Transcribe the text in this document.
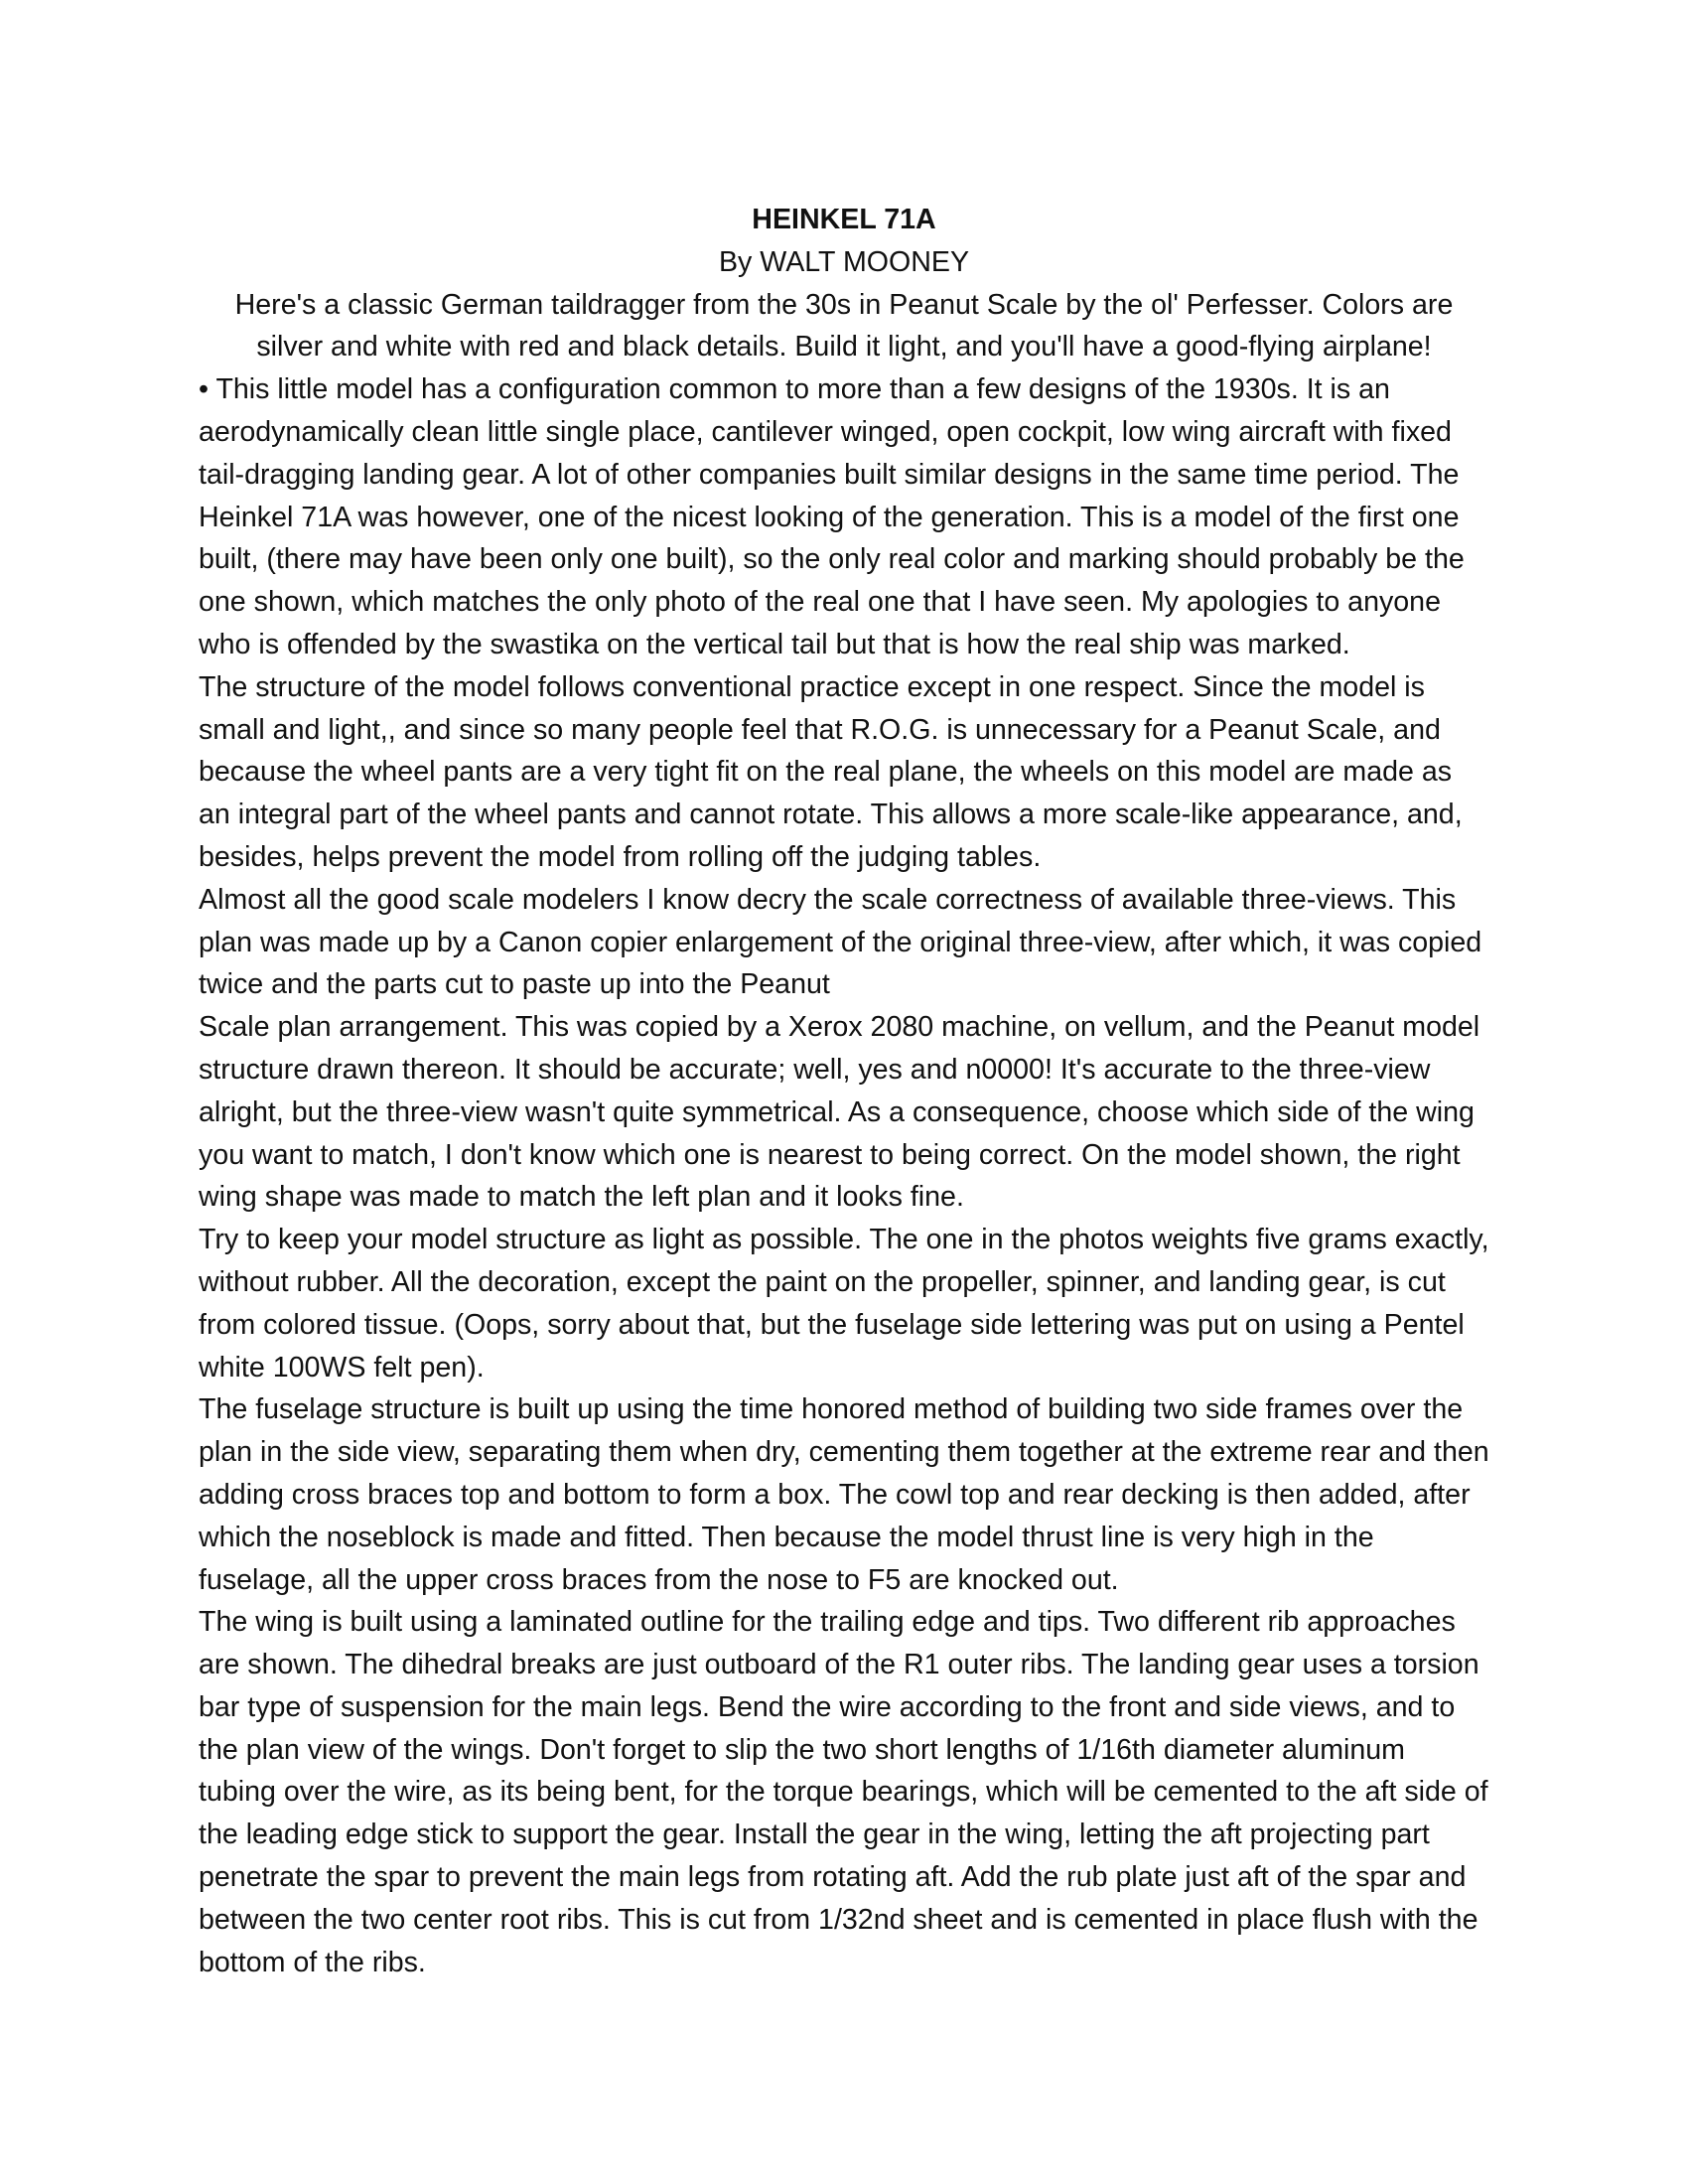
HEINKEL 71A

By WALT MOONEY

Here's a classic German taildragger from the 30s in Peanut Scale by the ol' Perfesser. Colors are silver and white with red and black details. Build it light, and you'll have a good-flying airplane!

• This little model has a configuration common to more than a few designs of the 1930s. It is an aerodynamically clean little single place, cantilever winged, open cockpit, low wing aircraft with fixed tail-dragging landing gear. A lot of other companies built similar designs in the same time period. The Heinkel 71A was however, one of the nicest looking of the generation. This is a model of the first one built, (there may have been only one built), so the only real color and marking should probably be the one shown, which matches the only photo of the real one that I have seen. My apologies to anyone who is offended by the swastika on the vertical tail but that is how the real ship was marked.

The structure of the model follows conventional practice except in one respect. Since the model is small and light,, and since so many people feel that R.O.G. is unnecessary for a Peanut Scale, and because the wheel pants are a very tight fit on the real plane, the wheels on this model are made as an integral part of the wheel pants and cannot rotate. This allows a more scale-like appearance, and, besides, helps prevent the model from rolling off the judging tables.

Almost all the good scale modelers I know decry the scale correctness of available three-views. This plan was made up by a Canon copier enlargement of the original three-view, after which, it was copied twice and the parts cut to paste up into the Peanut

Scale plan arrangement. This was copied by a Xerox 2080 machine, on vellum, and the Peanut model structure drawn thereon. It should be accurate; well, yes and n0000! It's accurate to the three-view alright, but the three-view wasn't quite symmetrical. As a consequence, choose which side of the wing you want to match, I don't know which one is nearest to being correct. On the model shown, the right wing shape was made to match the left plan and it looks fine.

Try to keep your model structure as light as possible. The one in the photos weights five grams exactly, without rubber. All the decoration, except the paint on the propeller, spinner, and landing gear, is cut from colored tissue. (Oops, sorry about that, but the fuselage side lettering was put on using a Pentel white 100WS felt pen).

The fuselage structure is built up using the time honored method of building two side frames over the plan in the side view, separating them when dry, cementing them together at the extreme rear and then adding cross braces top and bottom to form a box. The cowl top and rear decking is then added, after which the noseblock is made and fitted. Then because the model thrust line is very high in the fuselage, all the upper cross braces from the nose to F5 are knocked out.

The wing is built using a laminated outline for the trailing edge and tips. Two different rib approaches are shown. The dihedral breaks are just outboard of the R1 outer ribs. The landing gear uses a torsion bar type of suspension for the main legs. Bend the wire according to the front and side views, and to the plan view of the wings. Don't forget to slip the two short lengths of 1/16th diameter aluminum tubing over the wire, as its being bent, for the torque bearings, which will be cemented to the aft side of the leading edge stick to support the gear. Install the gear in the wing, letting the aft projecting part penetrate the spar to prevent the main legs from rotating aft. Add the rub plate just aft of the spar and between the two center root ribs. This is cut from 1/32nd sheet and is cemented in place flush with the bottom of the ribs.
